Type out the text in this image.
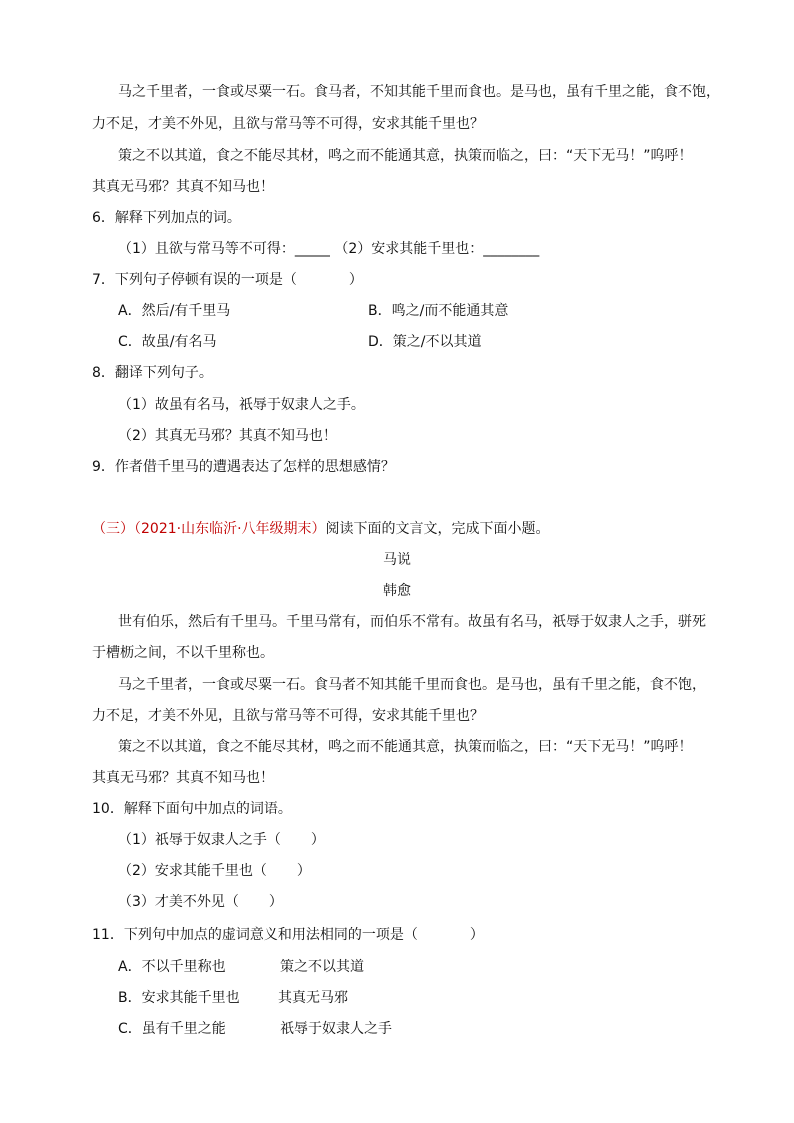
马之千里者，一食或尽粟一石。食马者，不知其能千里而食也。是马也，虽有千里之能，食不饱，
力不足，才美不外见，且欲与常马等不可得，安求其能千里也？
策之不以其道，食之不能尽其材，鸣之而不能通其意，执策而临之，曰：“天下无马！”呜呼！
其真无马邪？其真不知马也！
6．解释下列加点的词。
（1）且欲与常马等不可得：_____ （2）安求其能千里也：________
7．下列句子停顿有误的一项是（	）
A．然后/有千里马	B．鸣之/而不能通其意
C．故虽/有名马	D．策之/不以其道
8．翻译下列句子。
（1）故虽有名马，祇辱于奴隶人之手。
（2）其真无马邪？其真不知马也！
9．作者借千里马的遭遇表达了怎样的思想感情？
（三）（2021·山东临沂·八年级期末）阅读下面的文言文，完成下面小题。
马说
韩愈
世有伯乐，然后有千里马。千里马常有，而伯乐不常有。故虽有名马，祇辱于奴隶人之手，骈死
于槽枥之间，不以千里称也。
马之千里者，一食或尽粟一石。食马者不知其能千里而食也。是马也，虽有千里之能，食不饱，
力不足，才美不外见，且欲与常马等不可得，安求其能千里也？
策之不以其道，食之不能尽其材，鸣之而不能通其意，执策而临之，曰：“天下无马！”呜呼！
其真无马邪？其真不知马也！
10．解释下面句中加点的词语。
（1）祇辱于奴隶人之手（ ）
（2）安求其能千里也（ ）
（3）才美不外见（ ）
11．下列句中加点的虚词意义和用法相同的一项是（	）
A．不以千里称也	策之不以其道
B．安求其能千里也	其真无马邪
C．虽有千里之能	祇辱于奴隶人之手
